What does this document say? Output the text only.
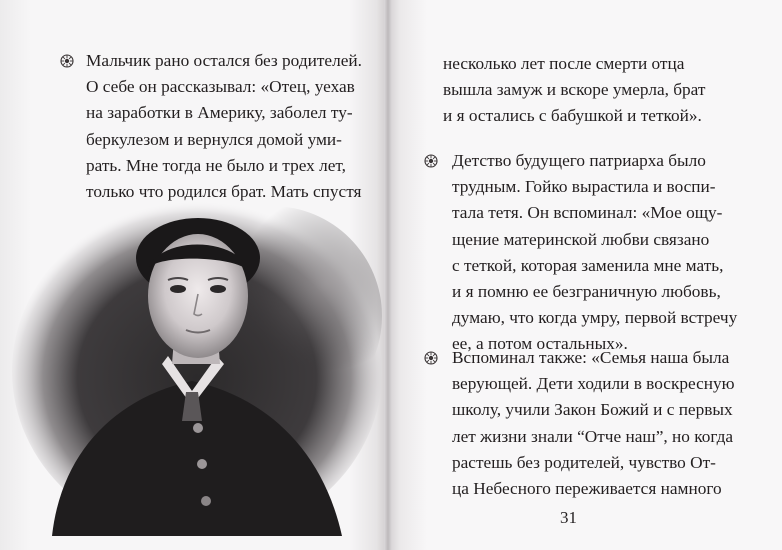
Мальчик рано остался без родителей.
О себе он рассказывал: «Отец, уехав
на заработки в Америку, заболел ту-
беркулезом и вернулся домой уми-
рать. Мне тогда не было и трех лет,
только что родился брат. Мать спустя

несколько лет после смерти отца
вышла замуж и вскоре умерла, брат
и я остались с бабушкой и теткой».

Детство будущего патриарха было
трудным. Гойко вырастила и воспи-
тала тетя. Он вспоминал: «Мое ощу-
щение материнской любви связано
с теткой, которая заменила мне мать,
и я помню ее безграничную любовь,
думаю, что когда умру, первой встречу
ее, а потом остальных».

Вспоминал также: «Семья наша была
верующей. Дети ходили в воскресную
школу, учили Закон Божий и с первых
лет жизни знали “Отче наш”, но когда
растешь без родителей, чувство От-
ца Небесного переживается намного

31
